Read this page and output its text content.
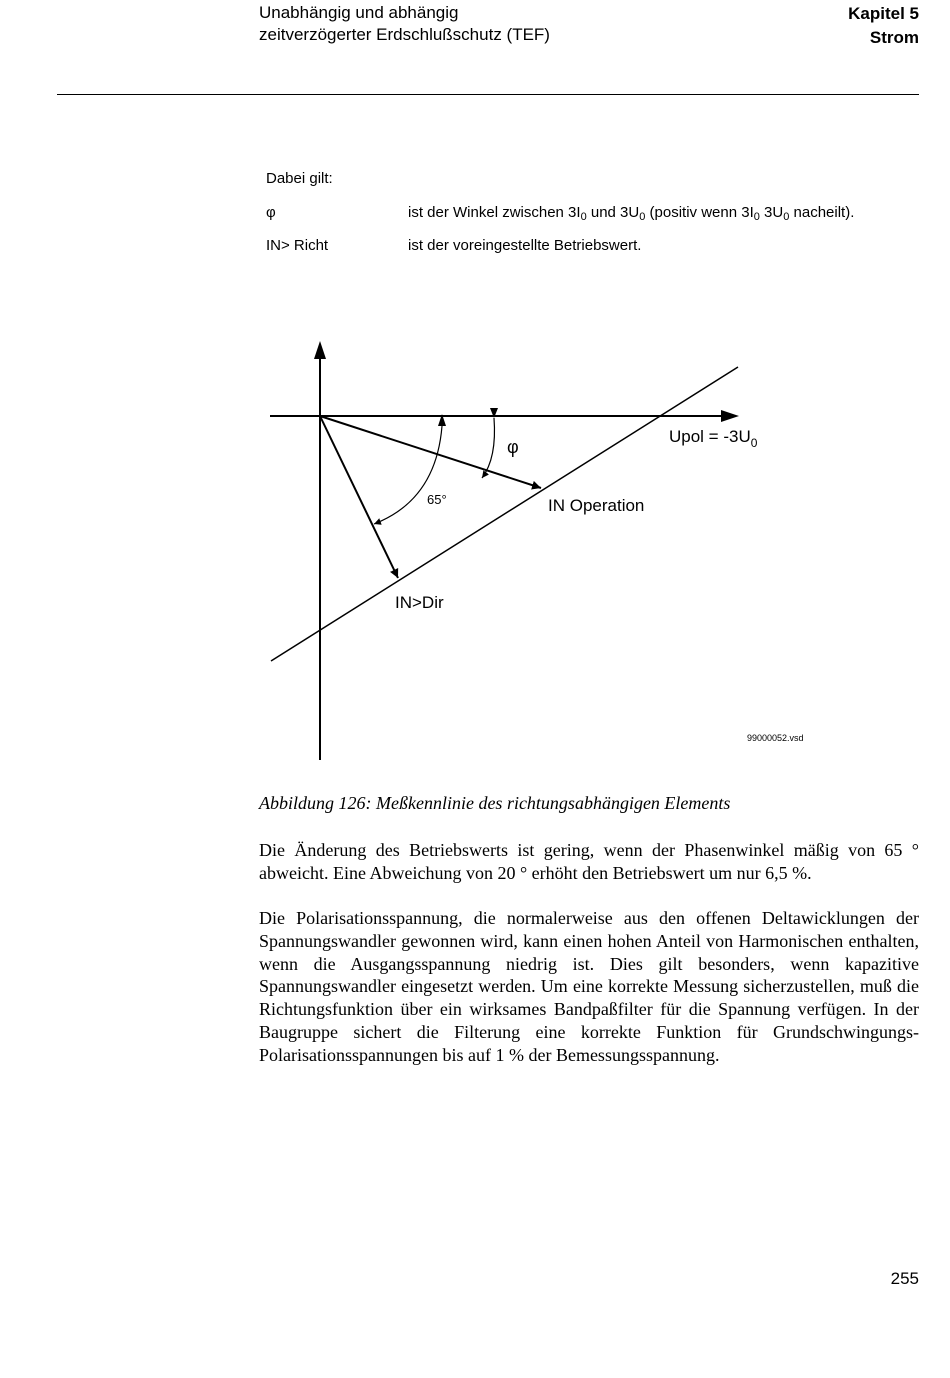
Unabhängig und abhängig
zeitverzögerter Erdschlußschutz (TEF)
Kapitel 5
Strom
Dabei gilt:
φ	ist der Winkel zwischen $3I_0$ und $3U_0$ (positiv wenn $3I_0$ $3U_0$ nacheilt).
IN> Richt	ist der voreingestellte Betriebswert.
Upol = $-3U_0$
φ
65°	IN Operation
IN>Dir
99000052.vsd
Abbildung 126: Meßkennlinie des richtungsabhängigen Elements
Die Änderung des Betriebswerts ist gering, wenn der Phasenwinkel mäßig von 65 ° abweicht. Eine Abweichung von 20 ° erhöht den Betriebswert um nur 6,5 %.
Die Polarisationsspannung, die normalerweise aus den offenen Deltawicklungen der Spannungswandler gewonnen wird, kann einen hohen Anteil von Harmonischen enthalten, wenn die Ausgangsspannung niedrig ist. Dies gilt besonders, wenn kapazitive Spannungswandler eingesetzt werden. Um eine korrekte Messung sicherzustellen, muß die Richtungsfunktion über ein wirksames Bandpaßfilter für die Spannung verfügen. In der Baugruppe sichert die Filterung eine korrekte Funktion für Grundschwingungs-Polarisationsspannungen bis auf 1 % der Bemessungsspannung.
255
